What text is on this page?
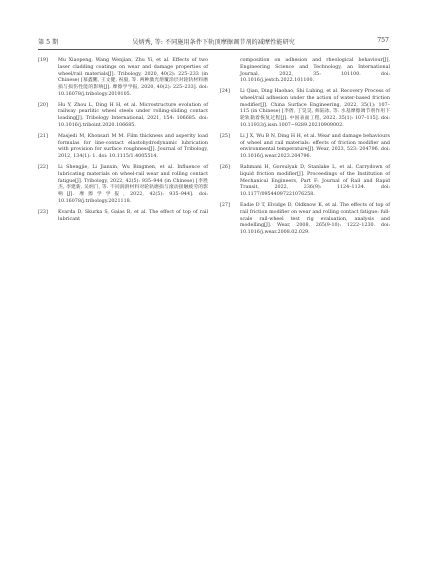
第 5 期	吴炳秀, 等: 不同施用条件下轨顶摩擦调节剂的减摩性能研究	757
[19] Mu Xiaopeng, Wang Wenjian, Zhu Yi, et al. Effects of two laser cladding coatings on wear and damage properties of wheel/rail materials[J]. Tribology, 2020, 40(2): 225–233 (in Chinese) [慕鑫鹏, 王文健, 祝毅, 等. 两种激光熔覆涂层对轮轨材料磨损与损伤性能的影响[J]. 摩擦学学报, 2020, 40(2): 225–233]. doi: 10.16078/j.tribology.2019105.
[20] Hu Y, Zhou L, Ding H H, et al. Microstructure evolution of railway pearlitic wheel steels under rolling-sliding contact loading[J]. Tribology International, 2021, 154: 106685. doi: 10.1016/j.triboint.2020.106685.
[21] Masjedi M, Khonsari M M. Film thickness and asperity load formulas for line-contact elastohydrodynamic lubrication with provision for surface roughness[J]. Journal of Tribology, 2012, 134(1): 1. doi: 10.1115/1.4005514.
[22] Li Shengjie, Li Jianxin, Wu Bingmen, et al. Influence of lubricating materials on wheel-rail wear and rolling contact fatigue[J]. Tribology, 2022, 42(5): 935–944 (in Chinese) [李胜杰, 李建新, 吴炳门, 等. 不同润滑材料对轮轨磨损与滚动接触疲劳的影响[J]. 摩擦学学报, 2022, 42(5): 935–944]. doi: 10.16078/j.tribology.2021118.
[23] Kvarda D, Skurka S, Galas R, et al. The effect of top of rail lubricant
composition on adhesion and rheological behaviour[J]. Engineering Science and Technology, an International Journal, 2022, 35: 101100. doi: 10.1016/j.jestch.2022.101100.
[24] Li Qian, Ding Haohao, Shi Lubing, et al. Recovery Process of wheel/rail adhesion under the action of water-based friction modifier[J]. China Surface Engineering, 2022, 35(1): 107–115 (in Chinese) [李倩, 丁昊昊, 师陆冰, 等. 水基摩擦调节剂作用下轮轨黏着恢复过程[J]. 中国表面工程, 2022, 35(1): 107–115]. doi: 10.11933/j.issn.1007−9289.20210909002.
[25] Li J X, Wu B N, Ding H H, et al. Wear and damage behaviours of wheel and rail materials: effects of friction modifier and environmental temperature[J]. Wear, 2023, 523: 204796. doi: 10.1016/j.wear.2023.204796.
[26] Rahmani H, Gorsulyak D, Stanlake L, et al. Carrydown of liquid friction modifier[J]. Proceedings of the Institution of Mechanical Engineers, Part F: Journal of Rail and Rapid Transit, 2022, 236(9): 1124–1134. doi: 10.1177/09544097221076258.
[27] Eadie D T, Elvidge D, Oldknow K, et al. The effects of top of rail friction modifier on wear and rolling contact fatigue: full-scale rail-wheel test rig evaluation, analysis and modelling[J]. Wear, 2008, 265(9-10): 1222–1230. doi: 10.1016/j.wear.2008.02.029.
